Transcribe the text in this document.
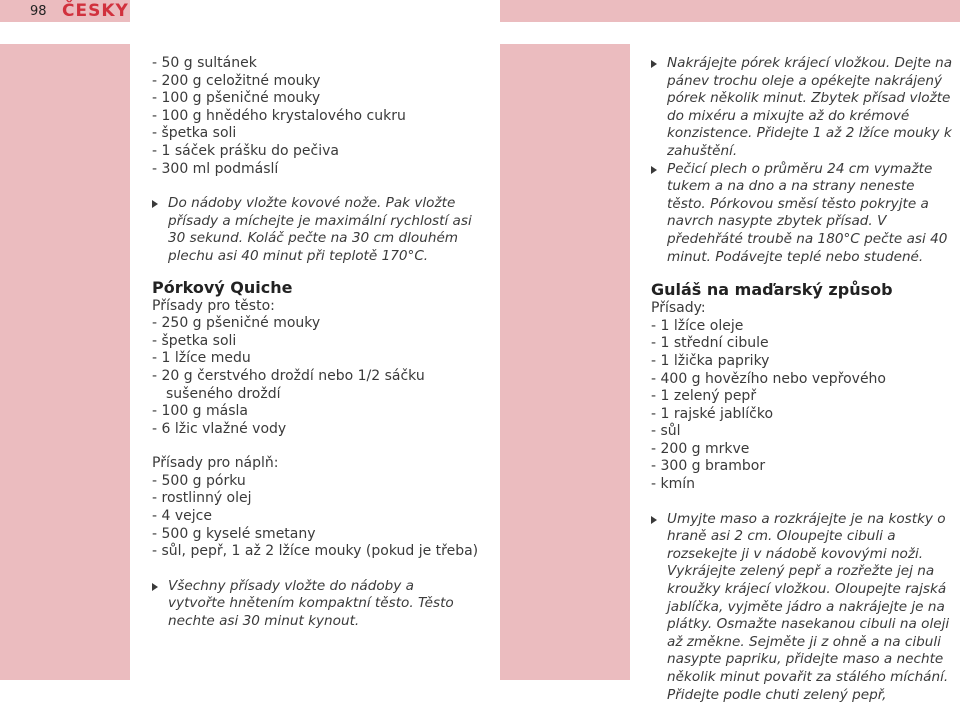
98 ČESKY
- 50 g sultánek
- 200 g celožitné mouky
- 100 g pšeničné mouky
- 100 g hnědého krystalového cukru
- špetka soli
- 1 sáček prášku do pečiva
- 300 ml podmáslí
Do nádoby vložte kovové nože. Pak vložte přísady a míchejte je maximální rychlostí asi 30 sekund. Koláč pečte na 30 cm dlouhém plechu asi 40 minut při teplotě 170°C.
Pórkový Quiche
Přísady pro těsto:
- 250 g pšeničné mouky
- špetka soli
- 1 lžíce medu
- 20 g čerstvého droždí nebo 1/2 sáčku sušeného droždí
- 100 g másla
- 6 lžic vlažné vody
Přísady pro náplň:
- 500 g pórku
- rostlinný olej
- 4 vejce
- 500 g kyselé smetany
- sůl, pepř, 1 až 2 lžíce mouky (pokud je třeba)
Všechny přísady vložte do nádoby a vytvořte hnětením kompaktní těsto. Těsto nechte asi 30 minut kynout.
Nakrájejte pórek krájecí vložkou. Dejte na pánev trochu oleje a opékejte nakrájený pórek několik minut. Zbytek přísad vložte do mixéru a mixujte až do krémové konzistence. Přidejte 1 až 2 lžíce mouky k zahuštění.
Pečicí plech o průměru 24 cm vymažte tukem a na dno a na strany neneste těsto. Pórkovou směsí těsto pokryjte a navrch nasypte zbytek přísad. V předehřáté troubě na 180°C pečte asi 40 minut. Podávejte teplé nebo studené.
Guláš na maďarský způsob
Přísady:
- 1 lžíce oleje
- 1 střední cibule
- 1 lžička papriky
- 400 g hovězího nebo vepřového
- 1 zelený pepř
- 1 rajské jablíčko
- sůl
- 200 g mrkve
- 300 g brambor
- kmín
Umyjte maso a rozkrájejte je na kostky o hraně asi 2 cm. Oloupejte cibuli a rozsekejte ji v nádobě kovovými noži. Vykrájejte zelený pepř a rozřežte jej na kroužky krájecí vložkou. Oloupejte rajská jablíčka, vyjměte jádro a nakrájejte je na plátky. Osmažte nasekanou cibuli na oleji až změkne. Sejměte ji z ohně a na cibuli nasypte papriku, přidejte maso a nechte několik minut povařit za stálého míchání. Přidejte podle chuti zelený pepř,
